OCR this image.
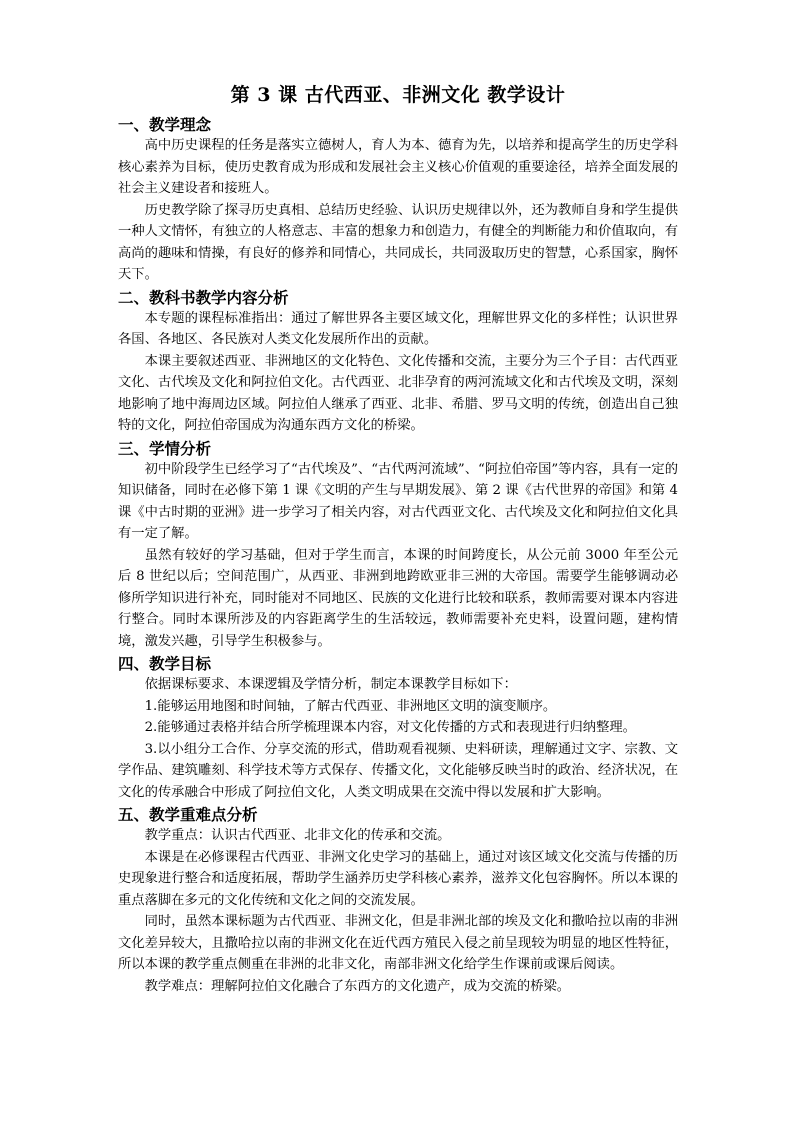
第 3 课 古代西亚、非洲文化 教学设计
一、教学理念

高中历史课程的任务是落实立德树人，育人为本、德育为先，以培养和提高学生的历史学科核心素养为目标，使历史教育成为形成和发展社会主义核心价值观的重要途径，培养全面发展的社会主义建设者和接班人。

历史教学除了探寻历史真相、总结历史经验、认识历史规律以外，还为教师自身和学生提供一种人文情怀，有独立的人格意志、丰富的想象力和创造力，有健全的判断能力和价值取向，有高尚的趣味和情操，有良好的修养和同情心，共同成长，共同汲取历史的智慧，心系国家，胸怀天下。

二、教科书教学内容分析

本专题的课程标准指出：通过了解世界各主要区域文化，理解世界文化的多样性；认识世界各国、各地区、各民族对人类文化发展所作出的贡献。

本课主要叙述西亚、非洲地区的文化特色、文化传播和交流，主要分为三个子目：古代西亚文化、古代埃及文化和阿拉伯文化。古代西亚、北非孕育的两河流域文化和古代埃及文明，深刻地影响了地中海周边区域。阿拉伯人继承了西亚、北非、希腊、罗马文明的传统，创造出自己独特的文化，阿拉伯帝国成为沟通东西方文化的桥梁。

三、学情分析

初中阶段学生已经学习了“古代埃及”、“古代两河流域”、“阿拉伯帝国”等内容，具有一定的知识储备，同时在必修下第 1 课《文明的产生与早期发展》、第 2 课《古代世界的帝国》和第 4 课《中古时期的亚洲》进一步学习了相关内容，对古代西亚文化、古代埃及文化和阿拉伯文化具有一定了解。

虽然有较好的学习基础，但对于学生而言，本课的时间跨度长，从公元前 3000 年至公元后 8 世纪以后；空间范围广，从西亚、非洲到地跨欧亚非三洲的大帝国。需要学生能够调动必修所学知识进行补充，同时能对不同地区、民族的文化进行比较和联系，教师需要对课本内容进行整合。同时本课所涉及的内容距离学生的生活较远，教师需要补充史料，设置问题，建构情境，激发兴趣，引导学生积极参与。

四、教学目标

依据课标要求、本课逻辑及学情分析，制定本课教学目标如下：

1.能够运用地图和时间轴，了解古代西亚、非洲地区文明的演变顺序。

2.能够通过表格并结合所学梳理课本内容，对文化传播的方式和表现进行归纳整理。

3.以小组分工合作、分享交流的形式，借助观看视频、史料研读，理解通过文字、宗教、文学作品、建筑雕刻、科学技术等方式保存、传播文化，文化能够反映当时的政治、经济状况，在文化的传承融合中形成了阿拉伯文化，人类文明成果在交流中得以发展和扩大影响。

五、教学重难点分析

教学重点：认识古代西亚、北非文化的传承和交流。

本课是在必修课程古代西亚、非洲文化史学习的基础上，通过对该区域文化交流与传播的历史现象进行整合和适度拓展，帮助学生涵养历史学科核心素养，滋养文化包容胸怀。所以本课的重点落脚在多元的文化传统和文化之间的交流发展。

同时，虽然本课标题为古代西亚、非洲文化，但是非洲北部的埃及文化和撒哈拉以南的非洲文化差异较大，且撒哈拉以南的非洲文化在近代西方殖民入侵之前呈现较为明显的地区性特征，所以本课的教学重点侧重在非洲的北非文化，南部非洲文化给学生作课前或课后阅读。

教学难点：理解阿拉伯文化融合了东西方的文化遗产，成为交流的桥梁。
